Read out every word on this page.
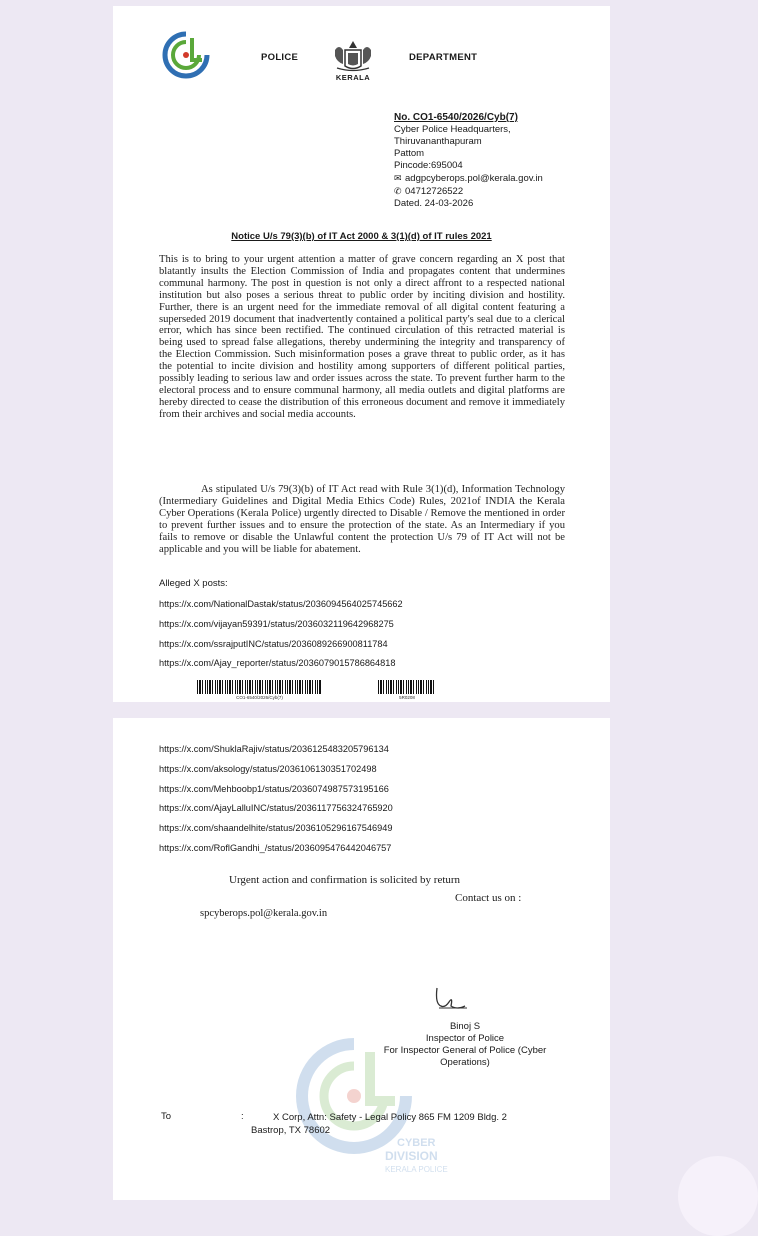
POLICE
KERALA
DEPARTMENT
No. CO1-6540/2026/Cyb(7)
Cyber Police Headquarters,
Thiruvananthapuram
Pattom
Pincode:695004
✉ adgpcyberops.pol@kerala.gov.in
✆ 04712726522
Dated. 24-03-2026
Notice U/s 79(3)(b) of IT Act 2000 & 3(1)(d) of IT rules 2021

This is to bring to your urgent attention a matter of grave concern regarding an X post that blatantly insults the Election Commission of India and propagates content that undermines communal harmony. The post in question is not only a direct affront to a respected national institution but also poses a serious threat to public order by inciting division and hostility. Further, there is an urgent need for the immediate removal of all digital content featuring a superseded 2019 document that inadvertently contained a political party's seal due to a clerical error, which has since been rectified. The continued circulation of this retracted material is being used to spread false allegations, thereby undermining the integrity and transparency of the Election Commission. Such misinformation poses a grave threat to public order, as it has the potential to incite division and hostility among supporters of different political parties, possibly leading to serious law and order issues across the state. To prevent further harm to the electoral process and to ensure communal harmony, all media outlets and digital platforms are hereby directed to cease the distribution of this erroneous document and remove it immediately from their archives and social media accounts.

As stipulated U/s 79(3)(b) of IT Act read with Rule 3(1)(d), Information Technology (Intermediary Guidelines and Digital Media Ethics Code) Rules, 2021of INDIA the Kerala Cyber Operations (Kerala Police) urgently directed to Disable / Remove the mentioned in order to prevent further issues and to ensure the protection of the state. As an Intermediary if you fails to remove or disable the Unlawful content the protection U/s 79 of IT Act will not be applicable and you will be liable for abatement.

Alleged X posts:
https://x.com/NationalDastak/status/2036094564025745662
https://x.com/vijayan59391/status/2036032119642968275
https://x.com/ssrajputINC/status/2036089266900811784
https://x.com/Ajay_reporter/status/2036079015786864818
CO1-6540/2026/Cyb(7)	5R0208
https://x.com/ShuklaRajiv/status/2036125483205796134
https://x.com/aksology/status/2036106130351702498
https://x.com/Mehboobp1/status/2036074987573195166
https://x.com/AjayLalluINC/status/2036117756324765920
https://x.com/shaandelhite/status/2036105296167546949
https://x.com/RoflGandhi_/status/2036095476442046757
Urgent action and confirmation is solicited by return
Contact us on :
spcyberops.pol@kerala.gov.in
CYBER
DIVISION
KERALA POLICE
Binoj S
Inspector of Police
For Inspector General of Police (Cyber Operations)
To	:	X Corp, Attn: Safety - Legal Policy 865 FM 1209 Bldg. 2
Bastrop, TX 78602
